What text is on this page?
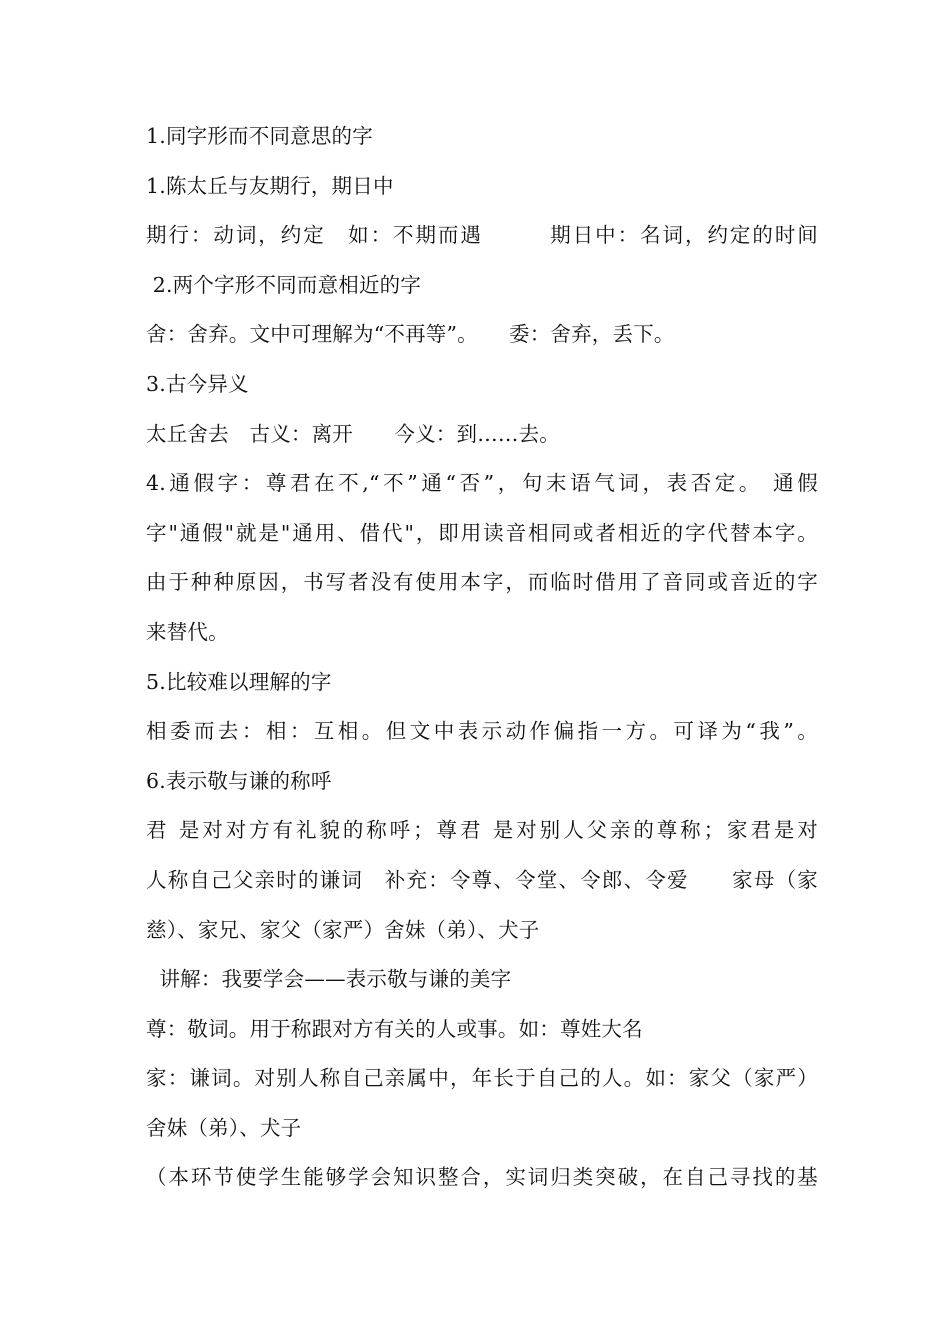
1.同字形而不同意思的字

1.陈太丘与友期行，期日中

期行：动词，约定　如：不期而遇　　　期日中：名词，约定的时间

2.两个字形不同而意相近的字

舍：舍弃。文中可理解为“不再等”。　　委：舍弃，丢下。

3.古今异义

太丘舍去　古义：离开　　今义：到……去。

4.通假字：尊君在不,“不”通“否”，句末语气词，表否定。 通假

字"通假"就是"通用、借代"，即用读音相同或者相近的字代替本字。

由于种种原因，书写者没有使用本字，而临时借用了音同或音近的字

来替代。

5.比较难以理解的字

相委而去：相：互相。但文中表示动作偏指一方。可译为“我”。

6.表示敬与谦的称呼

君 是对对方有礼貌的称呼；尊君 是对别人父亲的尊称；家君是对

人称自己父亲时的谦词　补充：令尊、令堂、令郎、令爱　　家母（家

慈）、家兄、家父（家严）舍妹（弟）、犬子

讲解：我要学会——表示敬与谦的美字

尊：敬词。用于称跟对方有关的人或事。如：尊姓大名

家：谦词。对别人称自己亲属中，年长于自己的人。如：家父（家严）

舍妹（弟）、犬子

（本环节使学生能够学会知识整合，实词归类突破，在自己寻找的基
